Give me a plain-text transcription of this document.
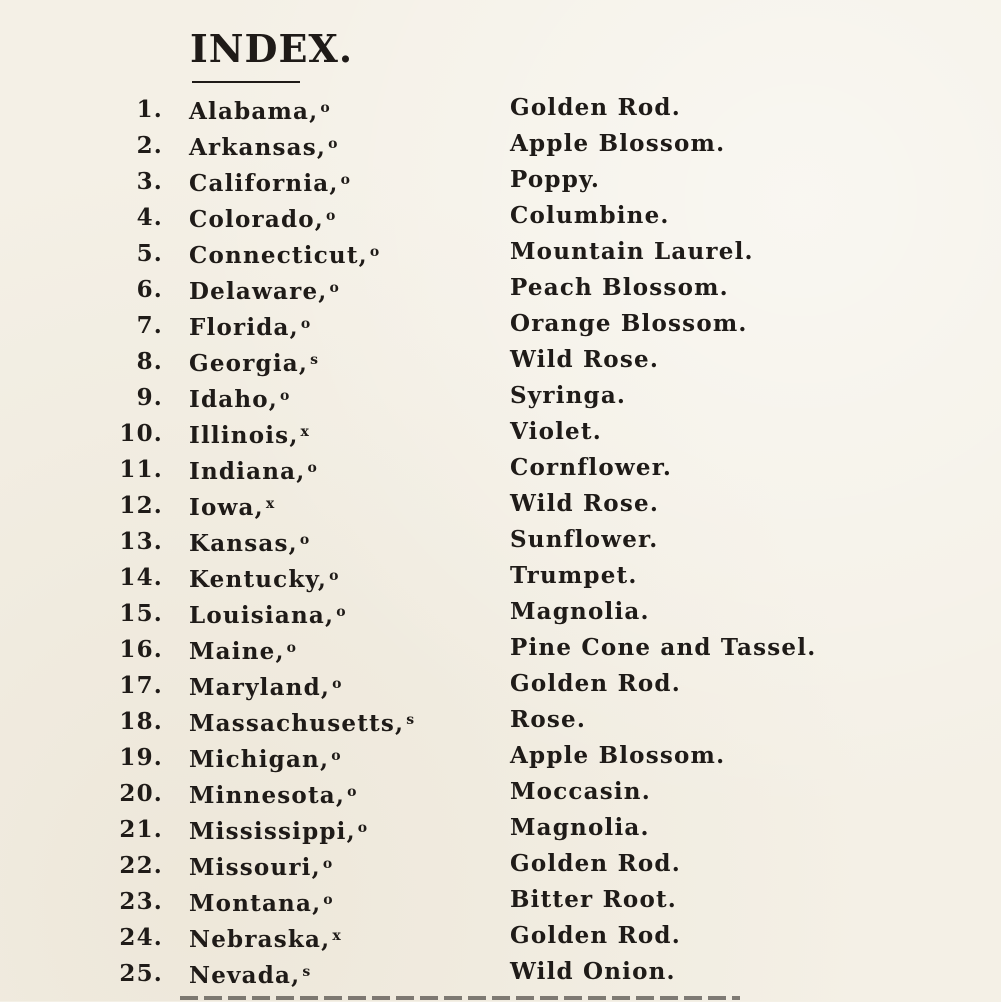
INDEX.
1. Alabama, $^o$	Golden Rod.
2. Arkansas, $^o$	Apple Blossom.
3. California, $^o$	Poppy.
4. Colorado, $^o$	Columbine.
5. Connecticut, $^o$	Mountain Laurel.
6. Delaware, $^o$	Peach Blossom.
7. Florida, $^o$	Orange Blossom.
8. Georgia, $^s$	Wild Rose.
9. Idaho, $^o$	Syringa.
10. Illinois, $^x$	Violet.
11. Indiana, $^o$	Cornflower.
12. Iowa, $^x$	Wild Rose.
13. Kansas, $^o$	Sunflower.
14. Kentucky, $^o$	Trumpet.
15. Louisiana, $^o$	Magnolia.
16. Maine, $^o$	Pine Cone and Tassel.
17. Maryland, $^o$	Golden Rod.
18. Massachusetts, $^s$	Rose.
19. Michigan, $^o$	Apple Blossom.
20. Minnesota, $^o$	Moccasin.
21. Mississippi, $^o$	Magnolia.
22. Missouri, $^o$	Golden Rod.
23. Montana, $^o$	Bitter Root.
24. Nebraska, $^x$	Golden Rod.
25. Nevada, $^s$	Wild Onion.
